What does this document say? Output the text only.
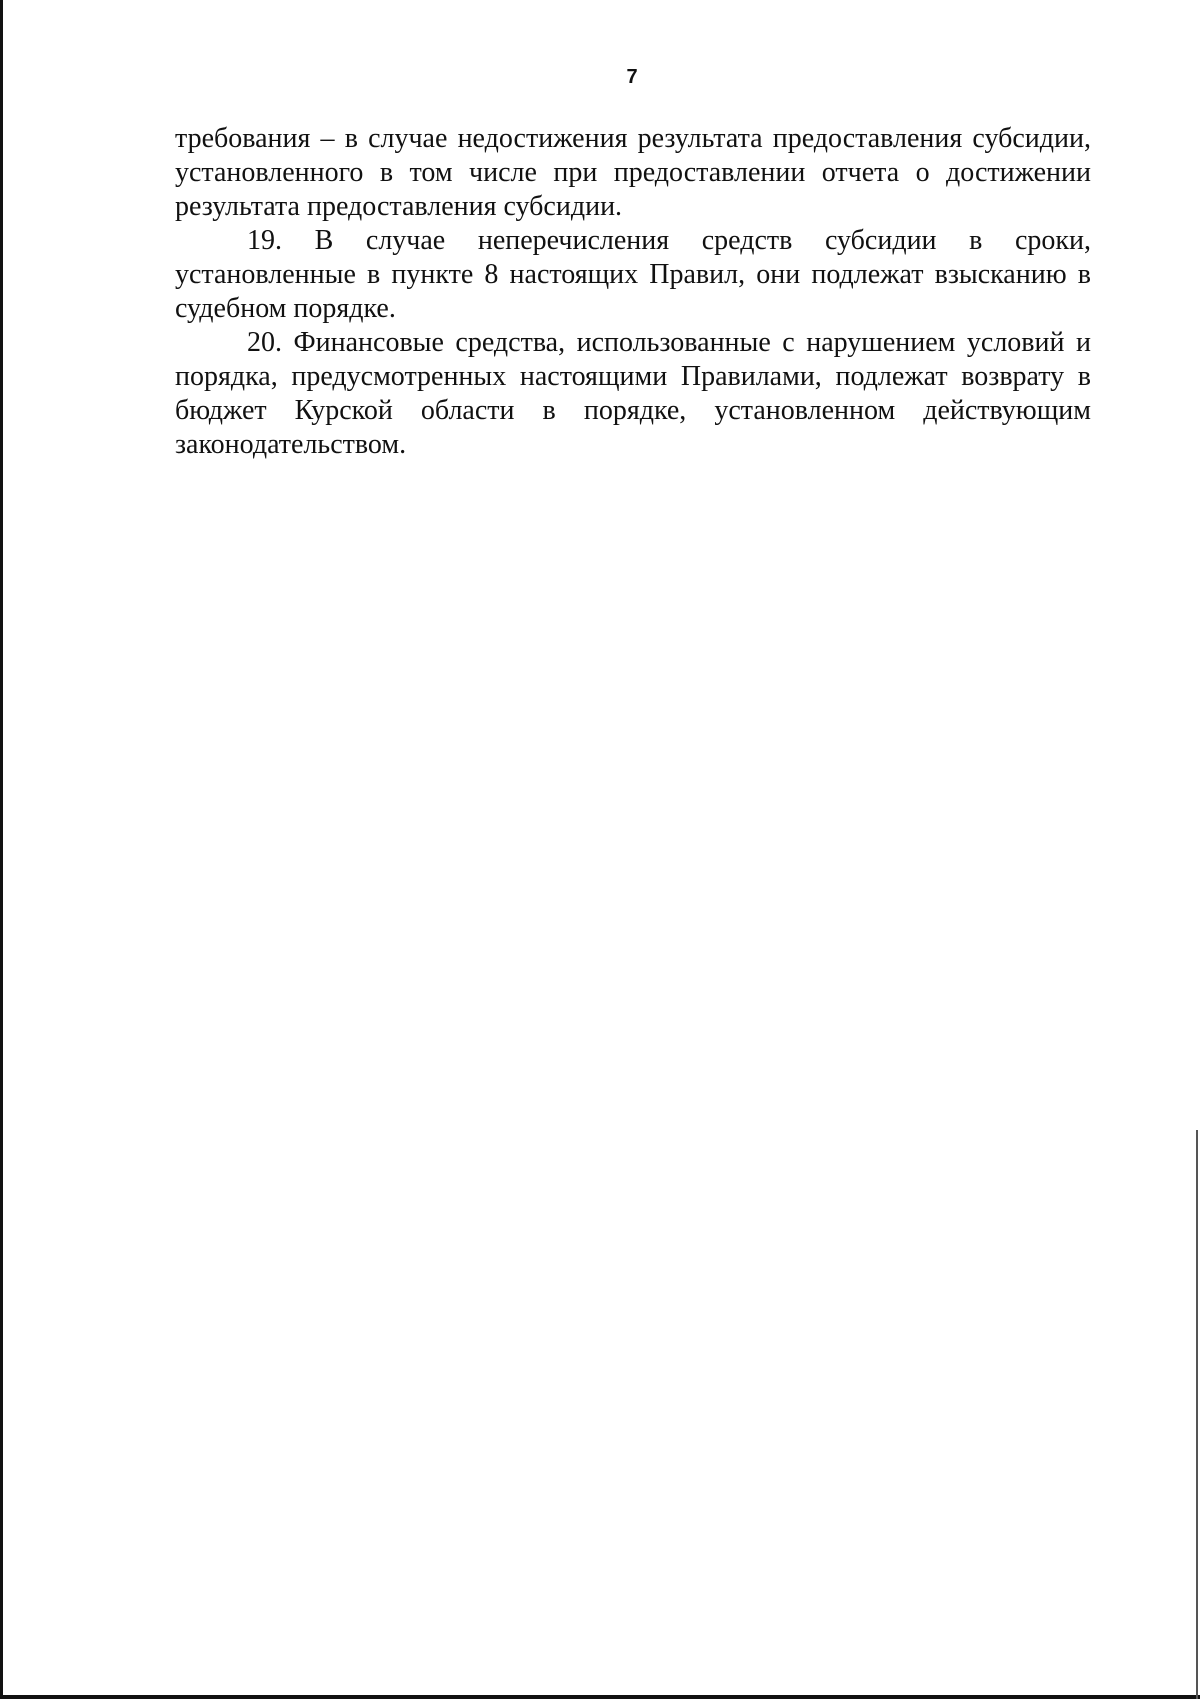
7

требования – в случае недостижения результата предоставления субсидии, установленного в том числе при предоставлении отчета о достижении результата предоставления субсидии.

19. В случае неперечисления средств субсидии в сроки, установленные в пункте 8 настоящих Правил, они подлежат взысканию в судебном порядке.

20. Финансовые средства, использованные с нарушением условий и порядка, предусмотренных настоящими Правилами, подлежат возврату в бюджет Курской области в порядке, установленном действующим законодательством.
